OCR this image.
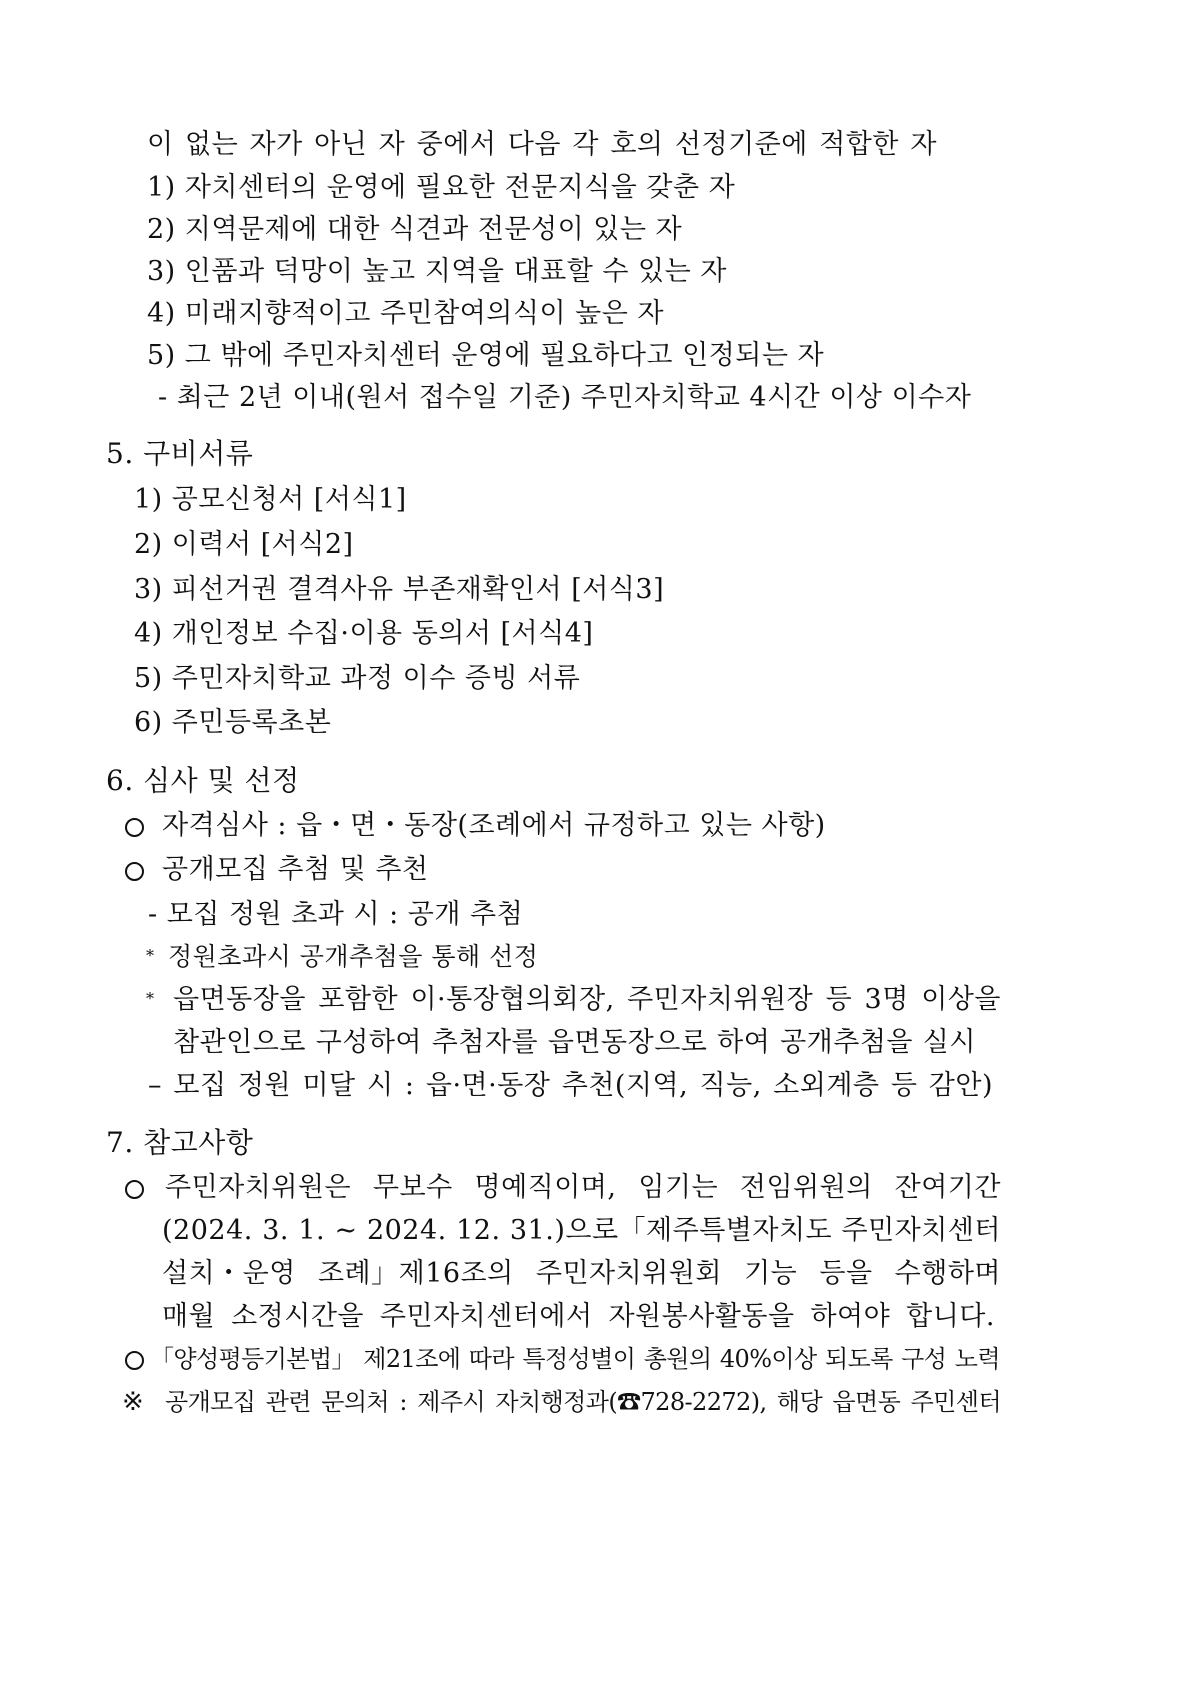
이 없는 자가 아닌 자 중에서 다음 각 호의 선정기준에 적합한 자
1) 자치센터의 운영에 필요한 전문지식을 갖춘 자
2) 지역문제에 대한 식견과 전문성이 있는 자
3) 인품과 덕망이 높고 지역을 대표할 수 있는 자
4) 미래지향적이고 주민참여의식이 높은 자
5) 그 밖에 주민자치센터 운영에 필요하다고 인정되는 자
- 최근 2년 이내(원서 접수일 기준) 주민자치학교 4시간 이상 이수자
5. 구비서류
1) 공모신청서 [서식1]
2) 이력서 [서식2]
3) 피선거권 결격사유 부존재확인서 [서식3]
4) 개인정보 수집·이용 동의서 [서식4]
5) 주민자치학교 과정 이수 증빙 서류
6) 주민등록초본
6. 심사 및 선정
자격심사 : 읍・면・동장(조례에서 규정하고 있는 사항)
공개모집 추첨 및 추천
- 모집 정원 초과 시 : 공개 추첨
* 정원초과시 공개추첨을 통해 선정
* 읍면동장을 포함한 이·통장협의회장, 주민자치위원장 등 3명 이상을
참관인으로 구성하여 추첨자를 읍면동장으로 하여 공개추첨을 실시
– 모집 정원 미달 시 : 읍·면·동장 추천(지역, 직능, 소외계층 등 감안)
7. 참고사항
주민자치위원은 무보수 명예직이며, 임기는 전임위원의 잔여기간
(2024. 3. 1. ~ 2024. 12. 31.)으로「제주특별자치도 주민자치센터
설치・운영 조례」제16조의 주민자치위원회 기능 등을 수행하며
매월 소정시간을 주민자치센터에서 자원봉사활동을 하여야 합니다.
「양성평등기본법」 제21조에 따라 특정성별이 총원의 40%이상 되도록 구성 노력
※ 공개모집 관련 문의처 : 제주시 자치행정과(☎728-2272), 해당 읍면동 주민센터
